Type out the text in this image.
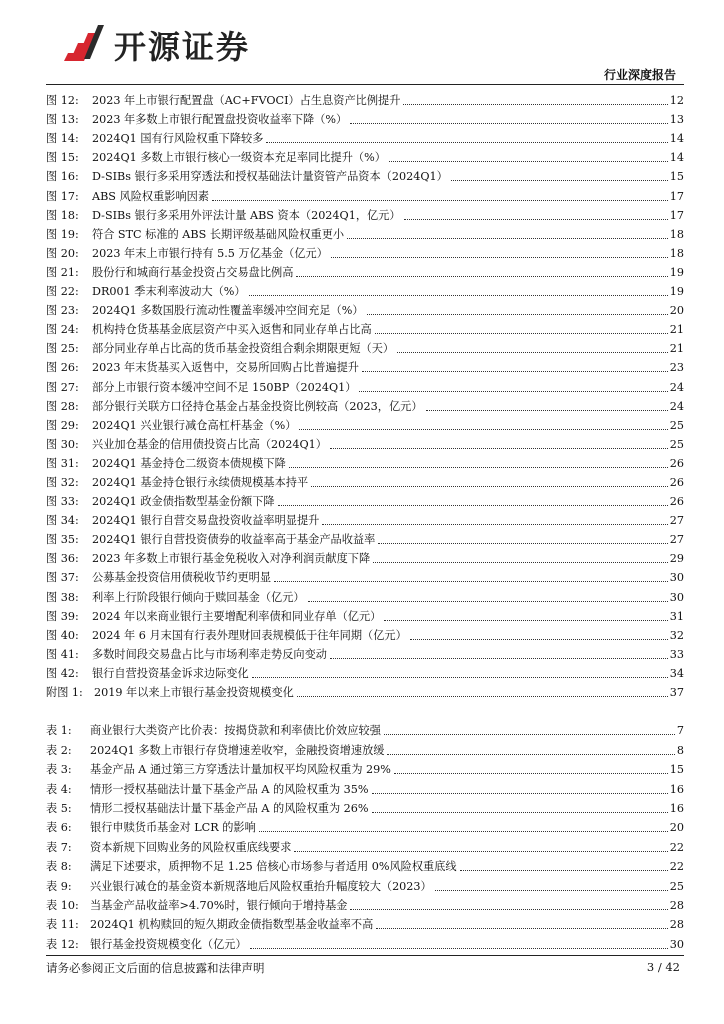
开源证券
行业深度报告
图 12:	2023 年上市银行配置盘（AC+FVOCI）占生息资产比例提升	12
图 13:	2023 年多数上市银行配置盘投资收益率下降（%）	13
图 14:	2024Q1 国有行风险权重下降较多	14
图 15:	2024Q1 多数上市银行核心一级资本充足率同比提升（%）	14
图 16:	D-SIBs 银行多采用穿透法和授权基础法计量资管产品资本（2024Q1）	15
图 17:	ABS 风险权重影响因素	17
图 18:	D-SIBs 银行多采用外评法计量 ABS 资本（2024Q1，亿元）	17
图 19:	符合 STC 标准的 ABS 长期评级基础风险权重更小	18
图 20:	2023 年末上市银行持有 5.5 万亿基金（亿元）	18
图 21:	股份行和城商行基金投资占交易盘比例高	19
图 22:	DR001 季末利率波动大（%）	19
图 23:	2024Q1 多数国股行流动性覆盖率缓冲空间充足（%）	20
图 24:	机构持仓货基基金底层资产中买入返售和同业存单占比高	21
图 25:	部分同业存单占比高的货币基金投资组合剩余期限更短（天）	21
图 26:	2023 年末货基买入返售中，交易所回购占比普遍提升	23
图 27:	部分上市银行资本缓冲空间不足 150BP（2024Q1）	24
图 28:	部分银行关联方口径持仓基金占基金投资比例较高（2023，亿元）	24
图 29:	2024Q1 兴业银行减仓高杠杆基金（%）	25
图 30:	兴业加仓基金的信用债投资占比高（2024Q1）	25
图 31:	2024Q1 基金持仓二级资本债规模下降	26
图 32:	2024Q1 基金持仓银行永续债规模基本持平	26
图 33:	2024Q1 政金债指数型基金份额下降	26
图 34:	2024Q1 银行自营交易盘投资收益率明显提升	27
图 35:	2024Q1 银行自营投资债券的收益率高于基金产品收益率	27
图 36:	2023 年多数上市银行基金免税收入对净利润贡献度下降	29
图 37:	公募基金投资信用债税收节约更明显	30
图 38:	利率上行阶段银行倾向于赎回基金（亿元）	30
图 39:	2024 年以来商业银行主要增配利率债和同业存单（亿元）	31
图 40:	2024 年 6 月末国有行表外理财回表规模低于往年同期（亿元）	32
图 41:	多数时间段交易盘占比与市场利率走势反向变动	33
图 42:	银行自营投资基金诉求边际变化	34
附图 1: 2019 年以来上市银行基金投资规模变化	37
表 1:	商业银行大类资产比价表：按揭贷款和利率债比价效应较强	7
表 2:	2024Q1 多数上市银行存贷增速差收窄，金融投资增速放缓	8
表 3:	基金产品 A 通过第三方穿透法计量加权平均风险权重为 29%	15
表 4:	情形一授权基础法计量下基金产品 A 的风险权重为 35%	16
表 5:	情形二授权基础法计量下基金产品 A 的风险权重为 26%	16
表 6:	银行申赎货币基金对 LCR 的影响	20
表 7:	资本新规下回购业务的风险权重底线要求	22
表 8:	满足下述要求，质押物不足 1.25 倍核心市场参与者适用 0%风险权重底线	22
表 9:	兴业银行减仓的基金资本新规落地后风险权重抬升幅度较大（2023）	25
表 10:	当基金产品收益率>4.70%时，银行倾向于增持基金	28
表 11:	2024Q1 机构赎回的短久期政金债指数型基金收益率不高	28
表 12:	银行基金投资规模变化（亿元）	30
请务必参阅正文后面的信息披露和法律声明	3 / 42
